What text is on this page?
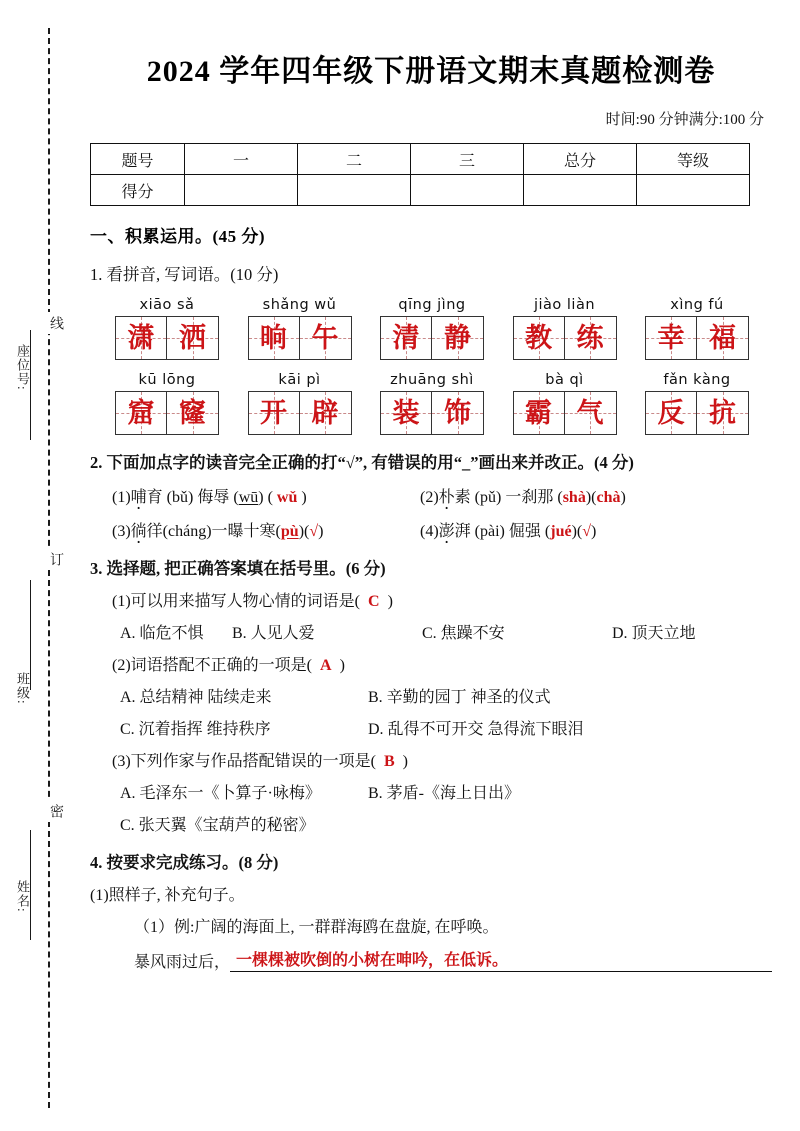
线
订
密
座位号:
班级:
姓名:
2024 学年四年级下册语文期末真题检测卷
时间:90 分钟满分:100 分
题号	一	二	三	总分	等级
得分					
一、积累运用。(45 分)
1. 看拼音, 写词语。(10 分)
xiāo sǎ
潇 洒
shǎng wǔ
晌 午
qīng jìng
清 静
jiào liàn
教 练
xìng fú
幸 福
kū lōng
窟 窿
kāi pì
开 辟
zhuāng shì
装 饰
bà qì
霸 气
fǎn kàng
反 抗
2. 下面加点字的读音完全正确的打“√”, 有错误的用“_”画出来并改正。(4 分)
(1)哺育 (bǔ) 侮辱 (wū) ( wǔ )	(2)朴素 (pǔ) 一刹那 (shà)(chà)
(3)徜徉(cháng)一曝十寒(pù)(√)	(4)澎湃 (pài) 倔强 (jué)(√)
3. 选择题, 把正确答案填在括号里。(6 分)
(1)可以用来描写人物心情的词语是( C )
A. 临危不惧	B. 人见人爱	C. 焦躁不安	D. 顶天立地
(2)词语搭配不正确的一项是( A )
A. 总结精神 陆续走来	B. 辛勤的园丁 神圣的仪式
C. 沉着指挥 维持秩序	D. 乱得不可开交 急得流下眼泪
(3)下列作家与作品搭配错误的一项是( B )
A. 毛泽东一《卜算子·咏梅》	B. 茅盾-《海上日出》
C. 张天翼《宝葫芦的秘密》
4. 按要求完成练习。(8 分)
(1)照样子, 补充句子。
（1）例:广阔的海面上, 一群群海鸥在盘旋, 在呼唤。
暴风雨过后， 一棵棵被吹倒的小树在呻吟，在低诉。
